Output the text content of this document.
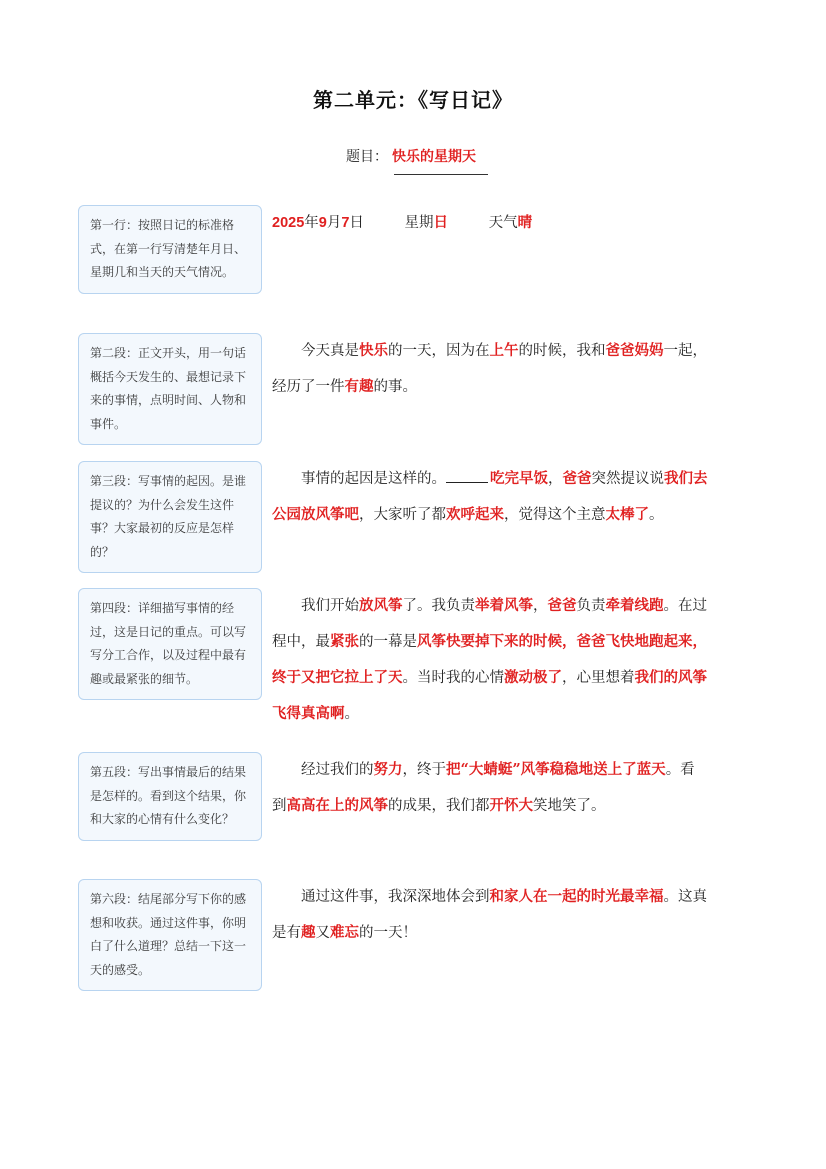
第二单元：《写日记》
题目： 快乐的星期天
第一行：按照日记的标准格式，在第一行写清楚年月日、星期几和当天的天气情况。
第二段：正文开头，用一句话概括今天发生的、最想记录下来的事情，点明时间、人物和事件。
第三段：写事情的起因。是谁提议的？为什么会发生这件事？大家最初的反应是怎样的？
第四段：详细描写事情的经过，这是日记的重点。可以写写分工合作，以及过程中最有趣或最紧张的细节。
第五段：写出事情最后的结果是怎样的。看到这个结果，你和大家的心情有什么变化？
第六段：结尾部分写下你的感想和收获。通过这件事，你明白了什么道理？总结一下这一天的感受。
2025年9月7日	星期日	天气晴

今天真是快乐的一天，因为在上午的时候，我和爸爸妈妈一起，经历了一件有趣的事。

事情的起因是这样的。	吃完早饭，爸爸突然提议说我们去公园放风筝吧，大家听了都欢呼起来，觉得这个主意太棒了。

我们开始放风筝了。我负责举着风筝，爸爸负责牵着线跑。在过程中，最紧张的一幕是风筝快要掉下来的时候，爸爸飞快地跑起来，终于又把它拉上了天。当时我的心情激动极了，心里想着我们的风筝飞得真高啊。

经过我们的努力，终于把“大蜻蜓”风筝稳稳地送上了蓝天。看到高高在上的风筝的成果，我们都开怀大笑地笑了。

通过这件事，我深深地体会到和家人在一起的时光最幸福。这真是有趣又难忘的一天！
